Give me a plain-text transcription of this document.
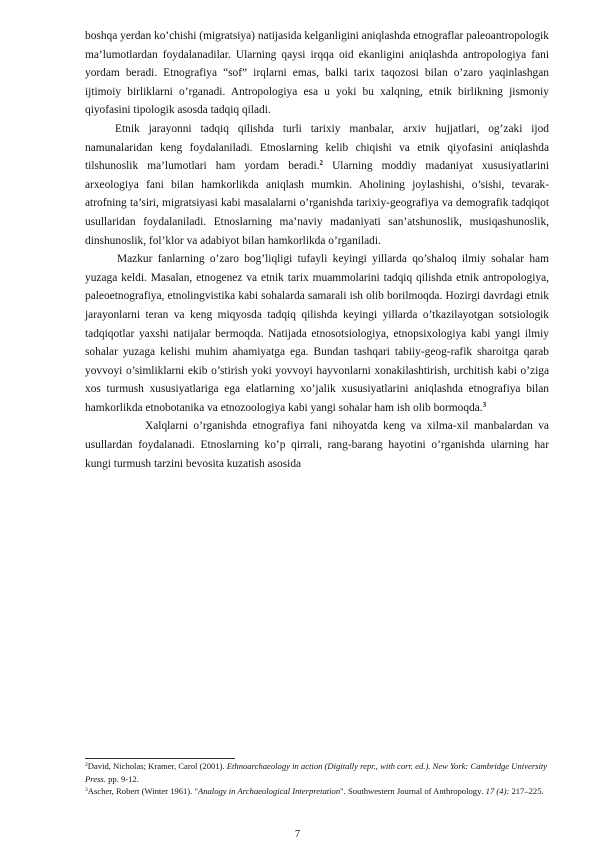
boshqa yerdan ko’chishi (migratsiya) natijasida kelganligini aniqlashda etnograflar paleoantropologik ma’lumotlardan foydalanadilar. Ularning qaysi irqqa oid ekanligini aniqlashda antropologiya fani yordam beradi. Etnografiya “sof” irqlarni emas, balki tarix taqozosi bilan o’zaro yaqinlashgan ijtimoiy birliklarni o’rganadi. Antropologiya esa u yoki bu xalqning, etnik birlikning jismoniy qiyofasini tipologik asosda tadqiq qiladi.

Etnik jarayonni tadqiq qilishda turli tarixiy manbalar, arxiv hujjatlari, og’zaki ijod namunalaridan keng foydalaniladi. Etnoslarning kelib chiqishi va etnik qiyofasini aniqlashda tilshunoslik ma’lumotlari ham yordam beradi.$^2$ Ularning moddiy madaniyat xususiyatlarini arxeologiya fani bilan hamkorlikda aniqlash mumkin. Aholining joylashishi, o’sishi, tevarak-atrofning ta’siri, migratsiyasi kabi masalalarni o’rganishda tarixiy-geografiya va demografik tadqiqot usullaridan foydalaniladi. Etnoslarning ma’naviy madaniyati san’atshunoslik, musiqashunoslik, dinshunoslik, fol’klor va adabiyot bilan hamkorlikda o’rganiladi.

Mazkur fanlarning o’zaro bog’liqligi tufayli keyingi yillarda qo’shaloq ilmiy sohalar ham yuzaga keldi. Masalan, etnogenez va etnik tarix muammolarini tadqiq qilishda etnik antropologiya, paleoetnografiya, etnolingvistika kabi sohalarda samarali ish olib borilmoqda. Hozirgi davrdagi etnik jarayonlarni teran va keng miqyosda tadqiq qilishda keyingi yillarda o’tkazilayotgan sotsiologik tadqiqotlar yaxshi natijalar bermoqda. Natijada etnosotsiologiya, etnopsixologiya kabi yangi ilmiy sohalar yuzaga kelishi muhim ahamiyatga ega. Bundan tashqari tabiiy-geog-rafik sharoitga qarab yovvoyi o’simliklarni ekib o’stirish yoki yovvoyi hayvonlarni xonakilashtirish, urchitish kabi o’ziga xos turmush xususiyatlariga ega elatlarning xo’jalik xususiyatlarini aniqlashda etnografiya bilan hamkorlikda etnobotanika va etnozoologiya kabi yangi sohalar ham ish olib bormoqda.$^3$

Xalqlarni o’rganishda etnografiya fani nihoyatda keng va xilma-xil manbalardan va usullardan foydalanadi. Etnoslarning ko’p qirrali, rang-barang hayotini o’rganishda ularning har kungi turmush tarzini bevosita kuzatish asosida

$^2$David, Nicholas; Kramer, Carol (2001). Ethnoarchaeology in action (Digitally repr., with corr. ed.). New York: Cambridge University Press. pp. 9-12.

$^3$Ascher, Robert (Winter 1961). "Analogy in Archaeological Interpretation". Southwestern Journal of Anthropology. 17 (4): 217–225.

7
